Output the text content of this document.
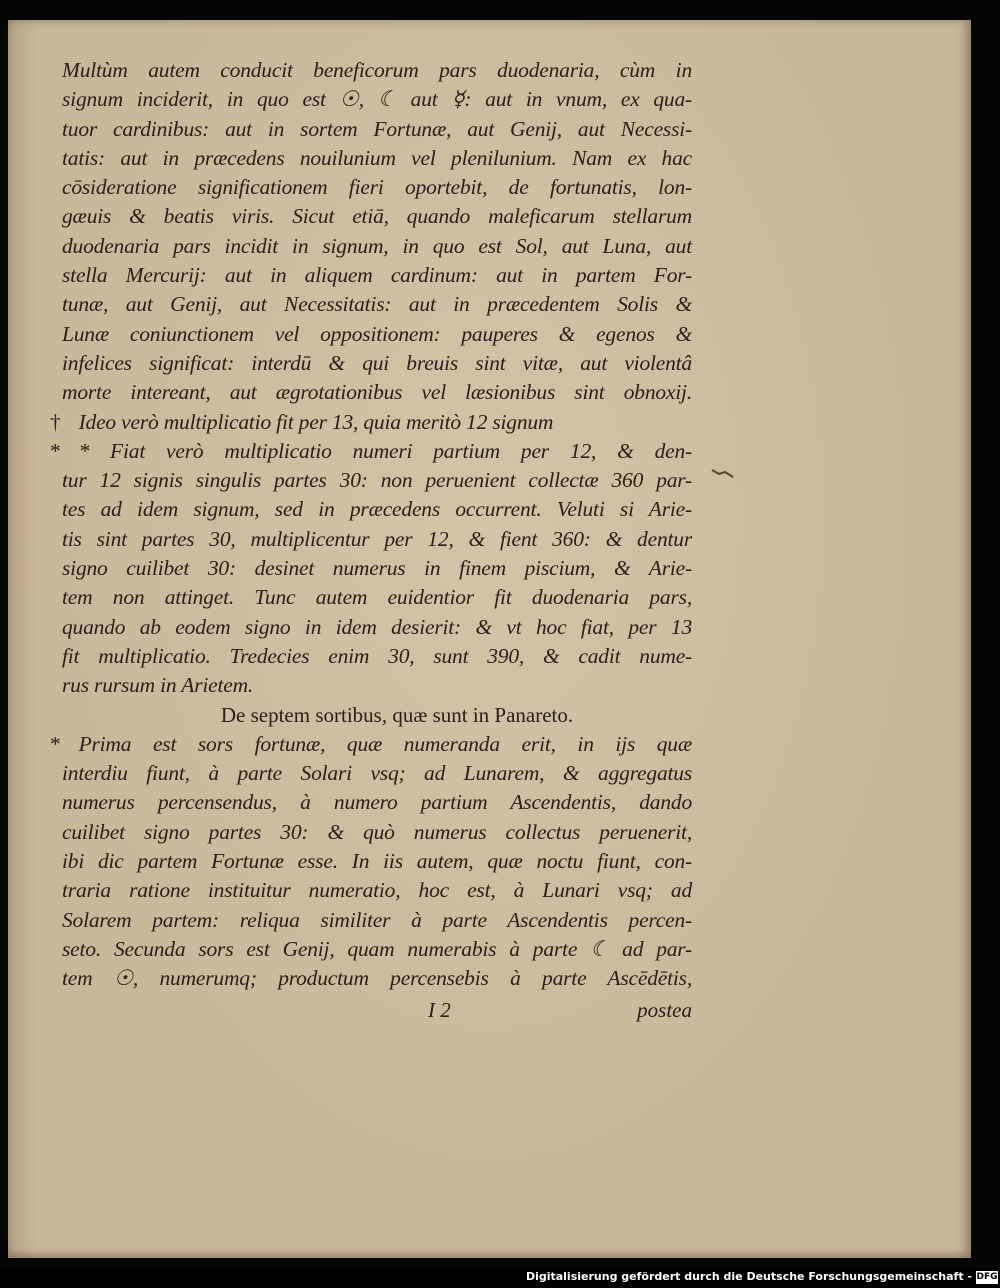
Multùm autem conducit beneficorum pars duodenaria, cùm in
signum inciderit, in quo est ☉, ☾ aut ☿: aut in vnum, ex qua-
tuor cardinibus: aut in sortem Fortunæ, aut Genij, aut Necessi-
tatis: aut in præcedens nouilunium vel plenilunium. Nam ex hac
cōsideratione significationem fieri oportebit, de fortunatis, lon-
gæuis & beatis viris. Sicut etiā, quando maleficarum stellarum
duodenaria pars incidit in signum, in quo est Sol, aut Luna, aut
stella Mercurij: aut in aliquem cardinum: aut in partem For-
tunæ, aut Genij, aut Necessitatis: aut in præcedentem Solis &
Lunæ coniunctionem vel oppositionem: pauperes & egenos &
infelices significat: interdū & qui breuis sint vitæ, aut violentâ
morte intereant, aut ægrotationibus vel læsionibus sint obnoxij.
† Ideo verò multiplicatio fit per 13, quia meritò 12 signum
* * Fiat verò multiplicatio numeri partium per 12, & den-
tur 12 signis singulis partes 30: non peruenient collectæ 360 par-
tes ad idem signum, sed in præcedens occurrent. Veluti si Arie-
tis sint partes 30, multiplicentur per 12, & fient 360: & dentur
signo cuilibet 30: desinet numerus in finem piscium, & Arie-
tem non attinget. Tunc autem euidentior fit duodenaria pars,
quando ab eodem signo in idem desierit: & vt hoc fiat, per 13
fit multiplicatio. Tredecies enim 30, sunt 390, & cadit nume-
rus rursum in Arietem.
De septem sortibus, quæ sunt in Panareto.
* Prima est sors fortunæ, quæ numeranda erit, in ijs quæ
interdiu fiunt, à parte Solari vsq; ad Lunarem, & aggregatus
numerus percensendus, à numero partium Ascendentis, dando
cuilibet signo partes 30: & quò numerus collectus peruenerit,
ibi dic partem Fortunæ esse. In iis autem, quæ noctu fiunt, con-
traria ratione instituitur numeratio, hoc est, à Lunari vsq; ad
Solarem partem: reliqua similiter à parte Ascendentis percen-
seto. Secunda sors est Genij, quam numerabis à parte ☾ ad par-
tem ☉, numerumq; productum percensebis à parte Ascēdētis,
I 2	postea
Digitalisierung gefördert durch die Deutsche Forschungsgemeinschaft - DFG
